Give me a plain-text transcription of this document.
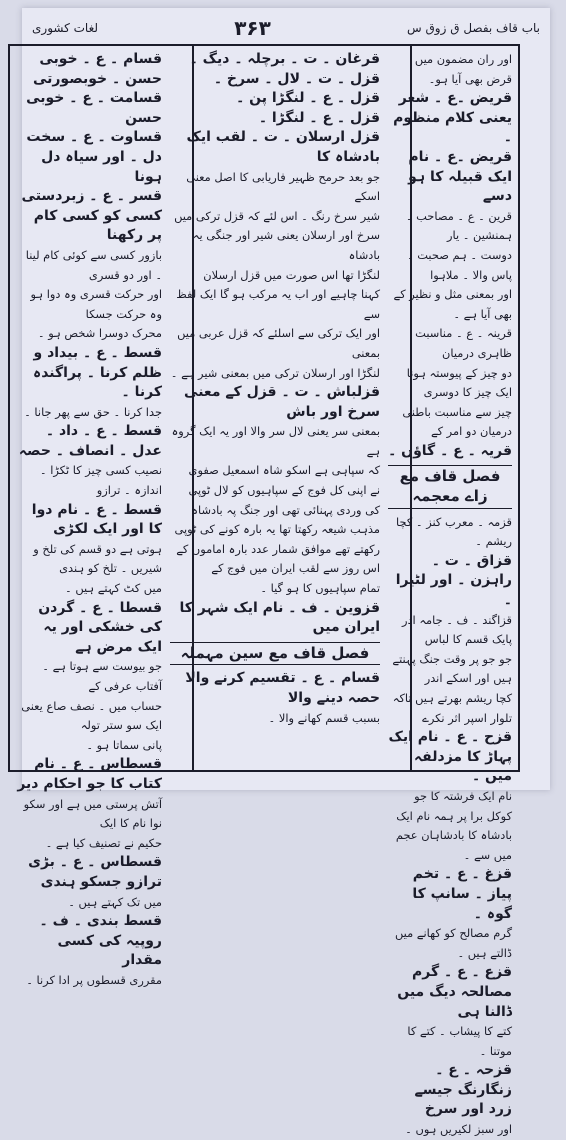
لغات کشوری	۳۶۳	باب قاف بفصل ق زوق س

اور ران مضمون میں قرض بھی آیا ہو۔

قریض ۔ع ۔ شعر یعنی کلام منظوم ۔

قریض ۔ع ۔ نام ایک قبیلہ کا ہو دسے

قرین ۔ ع ۔ مصاحب ۔ ہمنشین ۔ یار

دوست ۔ ہم صحبت ۔ پاس والا ۔ ملاہوا

اور بمعنی مثل و نظیر کے بھی آیا ہے ۔

قرینہ ۔ ع ۔ مناسبت ظاہری درمیان

دو چیز کے پیوستہ ہونا ایک چیز کا دوسری

چیز سے مناسبت باطنی درمیان دو امر کے

قریہ ۔ ع ۔ گاؤں ۔

فصل قاف مع زاے معجمہ

قزمہ ۔ معرب کنز ۔ کچا ریشم ۔

قزاق ۔ ت ۔ راہزن ۔ اور لٹیرا ۔

قزاگند ۔ ف ۔ جامہ ادر پایک قسم کا لباس

جو جو پر وقت جنگ پہنتے ہیں اور اسکے اندر

کچا ریشم بھرتے ہیں تاکہ تلوار اسپر اثر نکرے

قزح ۔ ع ۔ نام ایک پہاڑ کا مزدلفہ میں ۔

نام ایک فرشتہ کا جو کوکل برا پر ہمہ نام ایک

بادشاہ کا بادشاہان عجم میں سے ۔

قزغ ۔ ع ۔ تخم پیاز ۔ سانپ کا گوہ ۔

گرم مصالح کو کھانے میں ڈالتے ہیں ۔

قزع ۔ ع ۔ گرم مصالحہ دیگ میں ڈالنا ہی

کتے کا پیشاب ۔ کتے کا موتنا ۔

قزحہ ۔ ع ۔ زنگارنگ جیسے زرد اور سرخ

اور سبز لکیریں ہوں ۔

قرغان ۔ ت ۔ برچلہ ۔ دیگ ۔

قزل ۔ ت ۔ لال ۔ سرخ ۔

قزل ۔ ع ۔ لنگڑا پن ۔

قزل ۔ ع ۔ لنگڑا ۔

قزل ارسلان ۔ ت ۔ لقب ایک بادشاہ کا

جو بعد حرمح ظہیر فاریابی کا اصل معنی اسکے

شیر سرخ رنگ ۔ اس لئے کہ قزل ترکی میں

سرخ اور ارسلان یعنی شیر اور جنگی یہ بادشاہ

لنگڑا تھا اس صورت میں قزل ارسلان

کہنا چاہیے اور اب یہ مرکب ہو گا ایک لفظ سے

اور ایک ترکی سے اسلئے کہ قزل عربی میں بمعنی

لنگڑا اور ارسلان ترکی میں بمعنی شیر ہے ۔

قزلباش ۔ ت ۔ قزل کے معنی سرخ اور باش

بمعنی سر یعنی لال سر والا اور یہ ایک گروہ ہے

کہ سپاہی ہے اسکو شاہ اسمعیل صفوی

نے اپنی کل فوج کے سپاہیوں کو لال ٹوپی

کی وردی پہنائی تھی اور جنگ پہ بادشاہ

مذہب شیعہ رکھتا تھا یہ بارہ کونے کی ٹوپی

رکھتے تھے موافق شمار عدد بارہ اماموں کے

اس روز سے لقب ایران میں فوج کے

تمام سپاہیوں کا ہو گیا ۔

قزوین ۔ ف ۔ نام ایک شہر کا ایران میں

فصل قاف مع سین مہملہ

قسام ۔ ع ۔ تقسیم کرنے والا حصہ دینے والا

بسبب قسم کھانے والا ۔

قسام ۔ ع ۔ خوبی حسن ۔ خوبصورتی

قسامت ۔ ع ۔ خوبی حسن

قساوت ۔ ع ۔ سخت دل ۔ اور سیاہ دل ہونا

قسر ۔ ع ۔ زبردستی کسی کو کسی کام پر رکھنا

بازور کسی سے کوئی کام لینا ۔ اور دو قسری

اور حرکت قسری وہ دوا ہو وہ حرکت جسکا

محرک دوسرا شخص ہو ۔

قسط ۔ ع ۔ بیداد و ظلم کرنا ۔ پراگندہ کرنا ۔

جدا کرنا ۔ حق سے پھر جانا ۔

قسط ۔ ع ۔ داد ۔ عدل ۔ انصاف ۔ حصہ

نصیب کسی چیز کا ٹکڑا ۔ اندازہ ۔ ترازو

قسط ۔ ع ۔ نام دوا کا اور ایک لکڑی

ہوتی ہے دو قسم کی تلخ و شیریں ۔ تلخ کو ہندی

میں کٹ کہتے ہیں ۔

قسطا ۔ ع ۔ گردن کی خشکی اور یہ ایک مرض ہے

جو بیوست سے ہوتا ہے ۔ آفتاب عرفی کے

حساب میں ۔ نصف صاع یعنی ایک سو ستر تولہ

پانی سماتا ہو ۔

قسطاس ۔ ع ۔ نام کتاب کا جو احکام دیر

آتش پرستی میں ہے اور سکو نوا نام کا ایک

حکیم نے تصنیف کیا ہے ۔

قسطاس ۔ ع ۔ بڑی ترازو جسکو ہندی

میں تک کہتے ہیں ۔

قسط بندی ۔ ف ۔ روپیہ کی کسی مقدار

مقرری قسطوں پر ادا کرنا ۔
